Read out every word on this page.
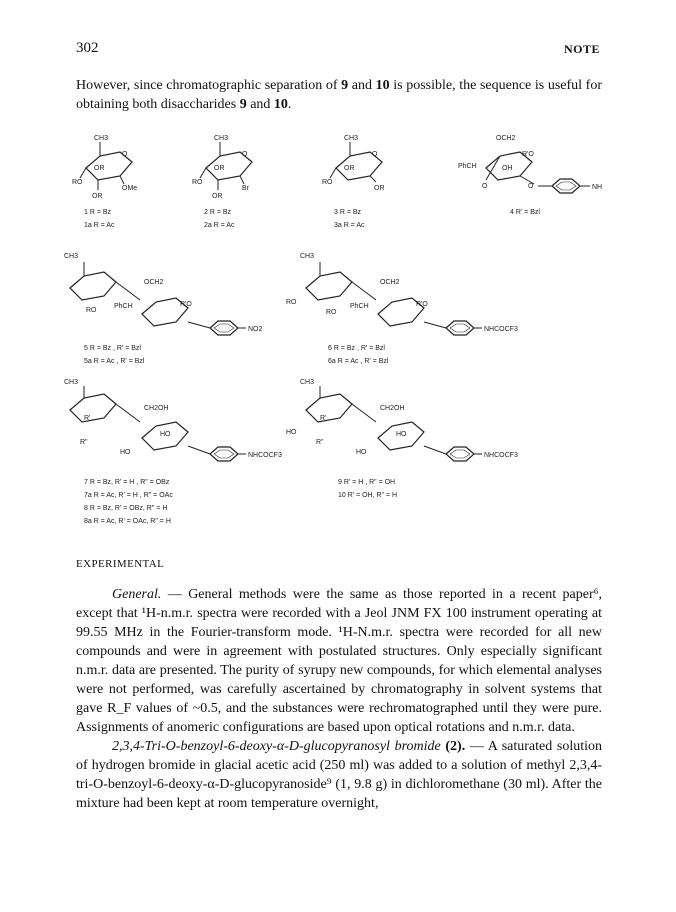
302	NOTE
However, since chromatographic separation of 9 and 10 is possible, the sequence is useful for obtaining both disaccharides 9 and 10.
CH3
O
OR
RO
OMe
OR
1 R = Bz
1a R = Ac
CH3
O
OR
RO
Br
OR
2 R = Bz
2a R = Ac
CH3
O
OR
RO
OR
3 R = Bz
3a R = Ac
OCH2
PhCH
R'O
OH
O	O	NH
4 R' = Bzl
CH3
RO
OCH2
PhCH	R'O
NO2
5 R = Bz , R' = Bzl
5a R = Ac , R' = Bzl
CH3
RO
RO
OCH2
PhCH	R'O
NHCOCF3
6 R = Bz , R' = Bzl
6a R = Ac , R' = Bzl
CH3
R'
R"
CH2OH
HO
HO
NHCOCF3
7 R = Bz, R' = H , R" = OBz
7a R = Ac, R' = H , R" = OAc
8 R = Bz, R' = OBz, R" = H
8a R = Ac, R' = OAc, R" = H
CH3
HO
R'
R"
CH2OH
HO
HO
NHCOCF3
9 R' = H , R" = OH
10 R' = OH, R" = H
EXPERIMENTAL
General. — General methods were the same as those reported in a recent paper⁶, except that ¹H-n.m.r. spectra were recorded with a Jeol JNM FX 100 instrument operating at 99.55 MHz in the Fourier-transform mode. ¹H-N.m.r. spectra were recorded for all new compounds and were in agreement with postulated structures. Only especially significant n.m.r. data are presented. The purity of syrupy new compounds, for which elemental analyses were not performed, was carefully ascertained by chromatography in solvent systems that gave R_F values of ~0.5, and the substances were rechromatographed until they were pure. Assignments of anomeric configurations are based upon optical rotations and n.m.r. data.
2,3,4-Tri-O-benzoyl-6-deoxy-α-D-glucopyranosyl bromide (2). — A saturated solution of hydrogen bromide in glacial acetic acid (250 ml) was added to a solution of methyl 2,3,4-tri-O-benzoyl-6-deoxy-α-D-glucopyranoside⁹ (1, 9.8 g) in dichloromethane (30 ml). After the mixture had been kept at room temperature overnight,
